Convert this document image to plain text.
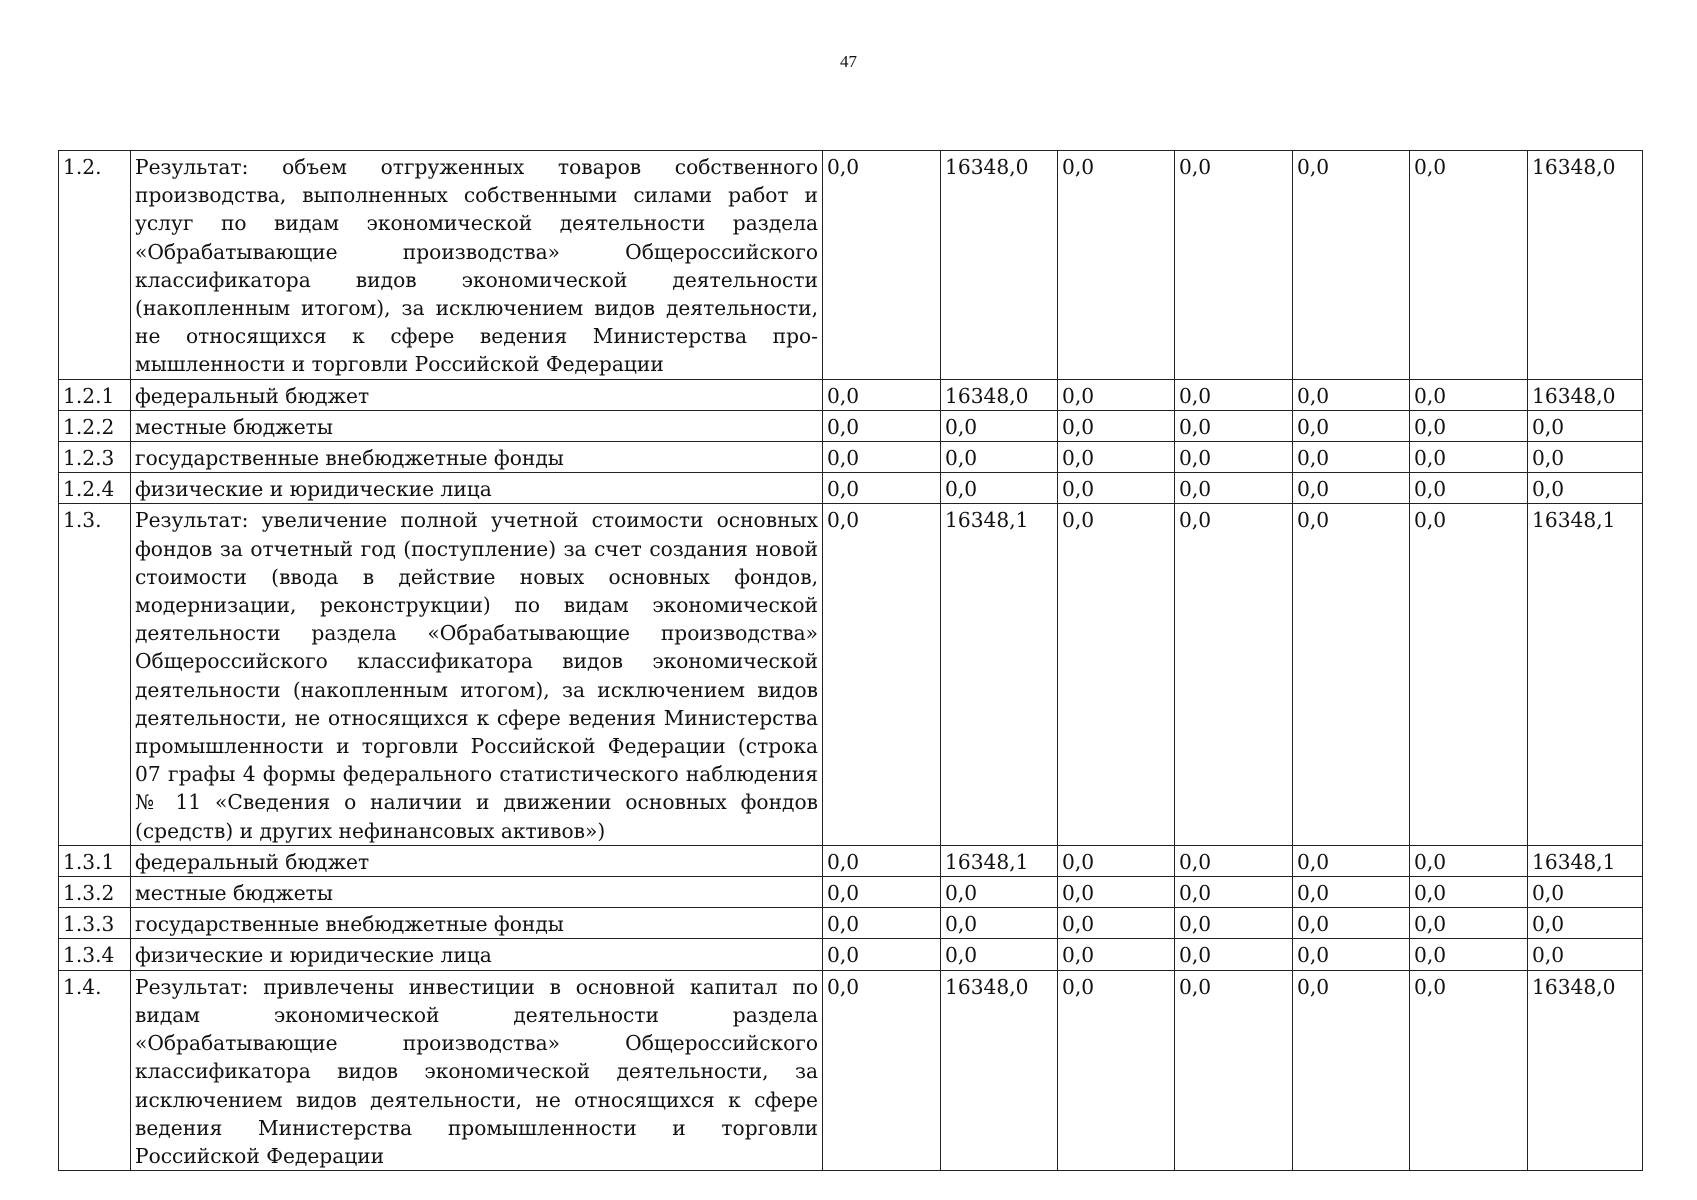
47
1.2.	Результат: объем отгруженных товаров собственного производства, выполненных собственными силами работ и услуг по видам экономической деятельности раздела «Обрабатывающие производства» Общероссийского классификатора видов экономической деятельности (накопленным итогом), за исключением видов деятельности, не относящихся к сфере ведения Министерства промышленности и торговли Российской Федерации	0,0	16348,0	0,0	0,0	0,0	0,0	16348,0
1.2.1	федеральный бюджет	0,0	16348,0	0,0	0,0	0,0	0,0	16348,0
1.2.2	местные бюджеты	0,0	0,0	0,0	0,0	0,0	0,0	0,0
1.2.3	государственные внебюджетные фонды	0,0	0,0	0,0	0,0	0,0	0,0	0,0
1.2.4	физические и юридические лица	0,0	0,0	0,0	0,0	0,0	0,0	0,0
1.3.	Результат: увеличение полной учетной стоимости основных фондов за отчетный год (поступление) за счет создания новой стоимости (ввода в действие новых основных фондов, модернизации, реконструкции) по видам экономической деятельности раздела «Обрабатывающие производства» Общероссийского классификатора видов экономической деятельности (накопленным итогом), за исключением видов деятельности, не относящихся к сфере ведения Министерства промышленности и торговли Российской Федерации (строка 07 графы 4 формы федерального статистического наблюдения № 11 «Сведения о наличии и движении основных фондов (средств) и других нефинансовых активов»)	0,0	16348,1	0,0	0,0	0,0	0,0	16348,1
1.3.1	федеральный бюджет	0,0	16348,1	0,0	0,0	0,0	0,0	16348,1
1.3.2	местные бюджеты	0,0	0,0	0,0	0,0	0,0	0,0	0,0
1.3.3	государственные внебюджетные фонды	0,0	0,0	0,0	0,0	0,0	0,0	0,0
1.3.4	физические и юридические лица	0,0	0,0	0,0	0,0	0,0	0,0	0,0
1.4.	Результат: привлечены инвестиции в основной капитал по видам экономической деятельности раздела «Обрабатывающие производства» Общероссийского классификатора видов экономической деятельности, за исключением видов деятельности, не относящихся к сфере ведения Министерства промышленности и торговли Российской Федерации	0,0	16348,0	0,0	0,0	0,0	0,0	16348,0
